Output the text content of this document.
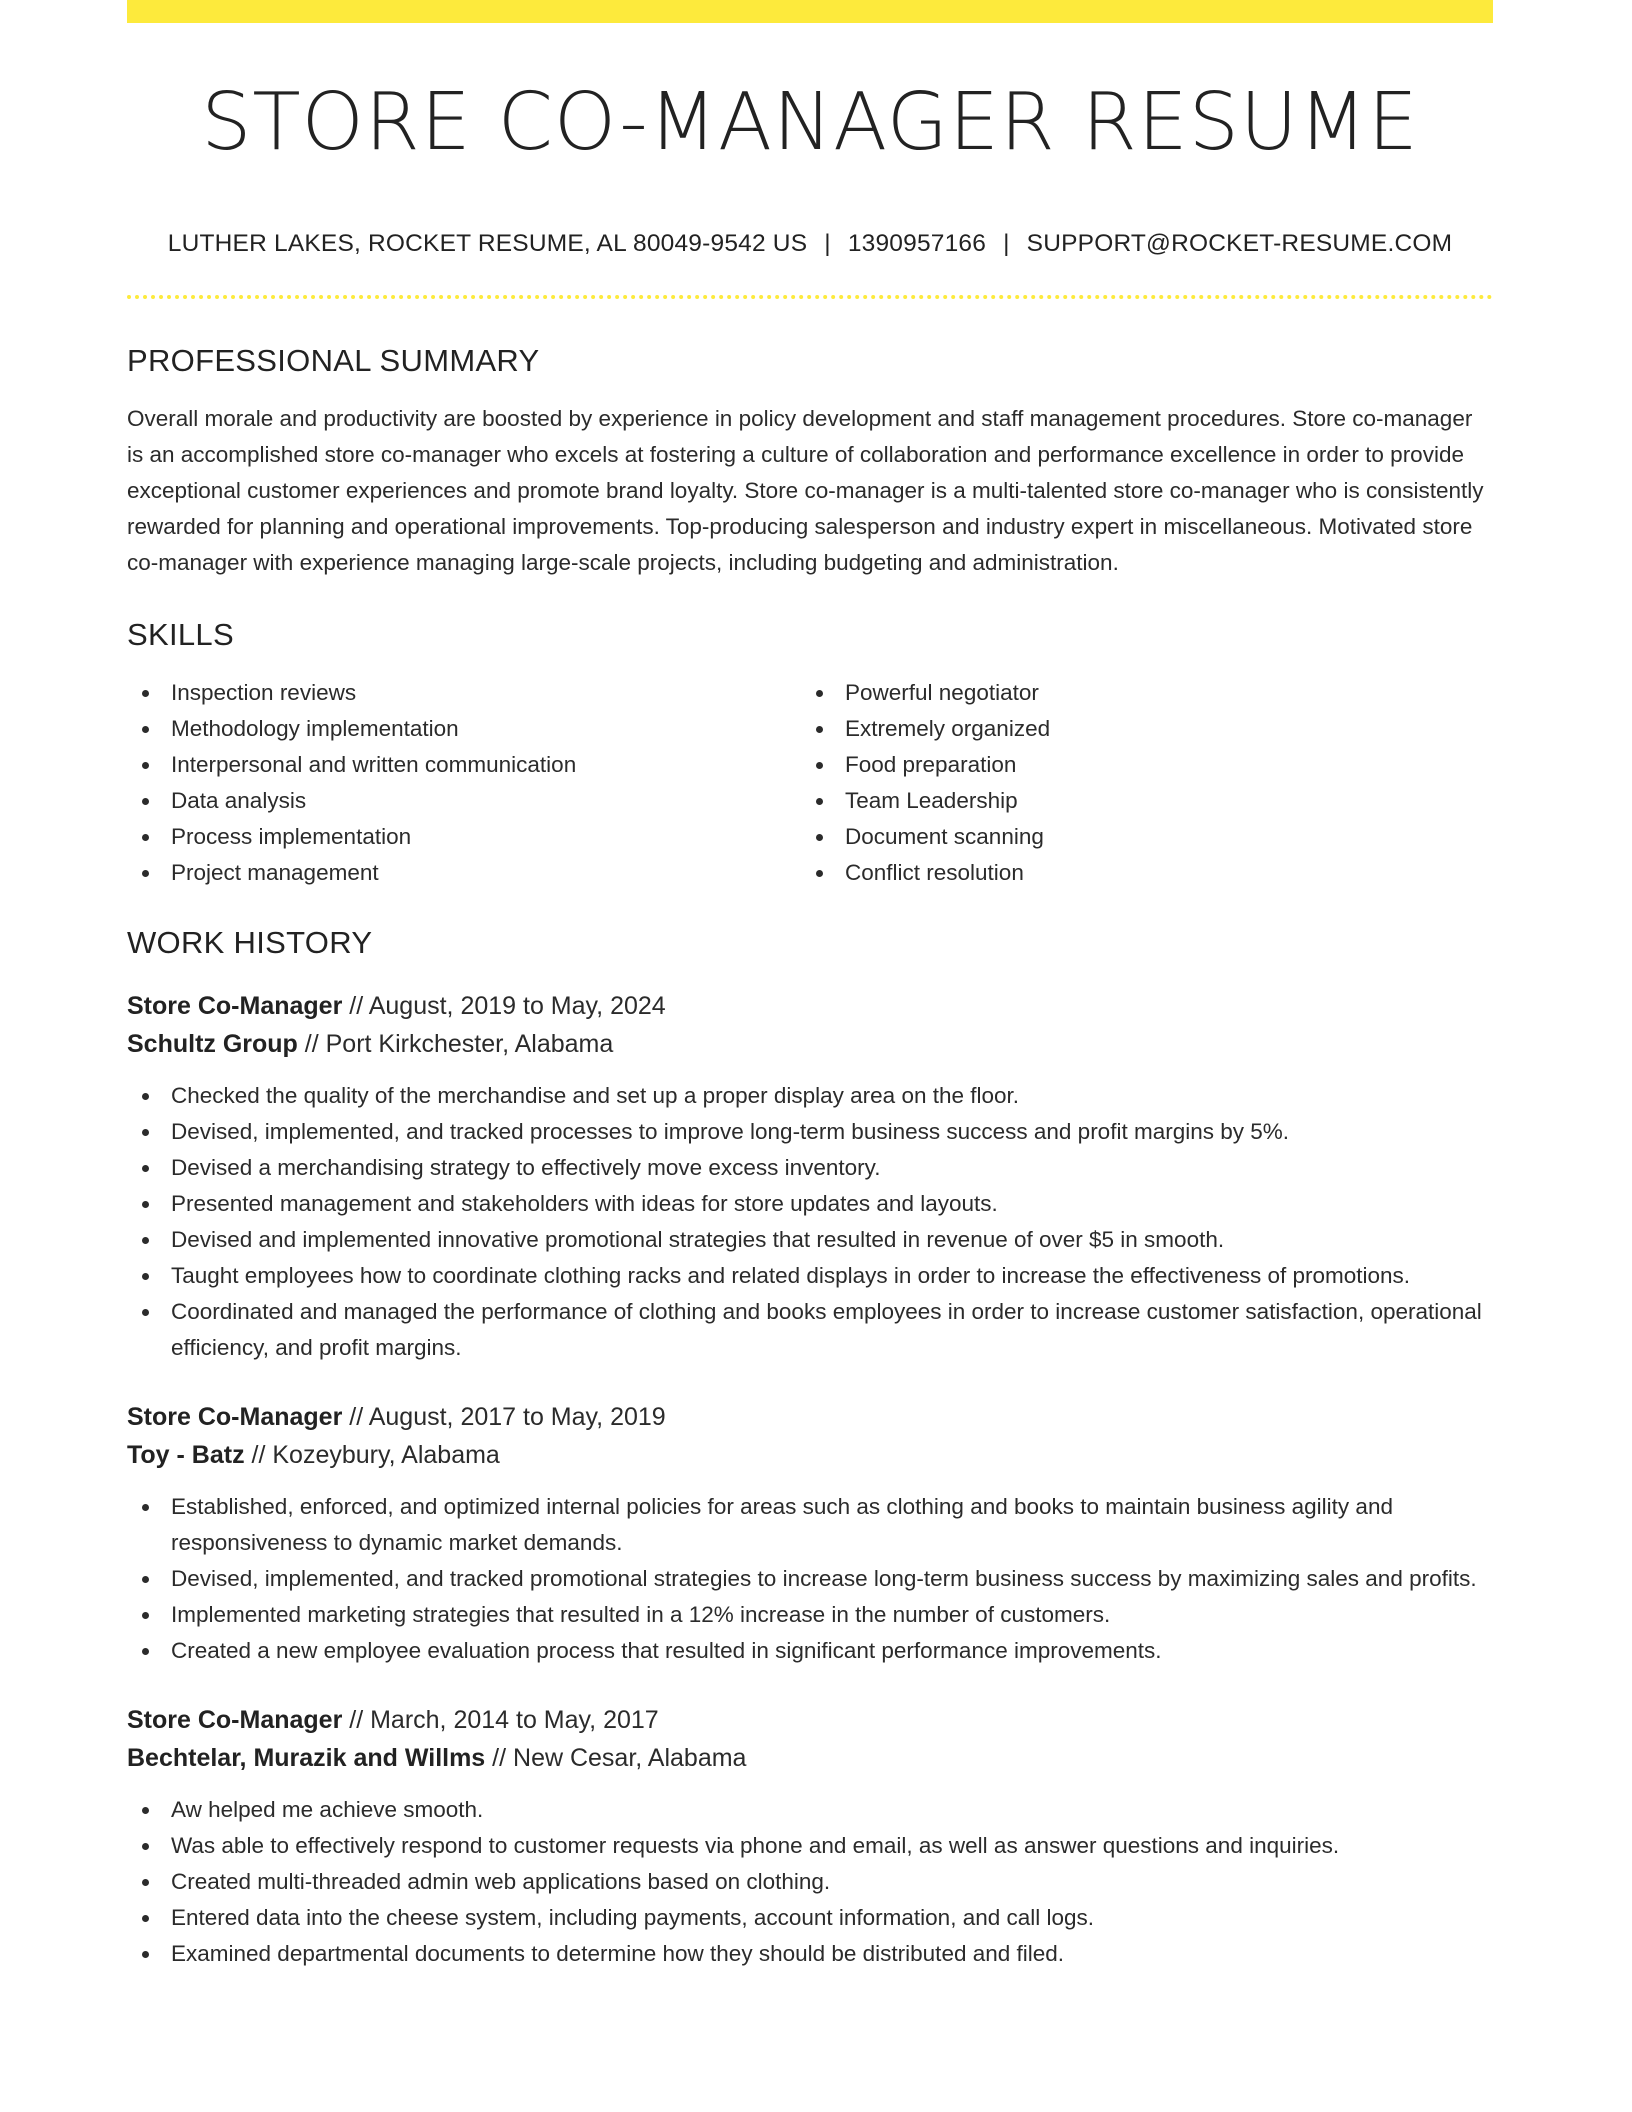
STORE CO-MANAGER RESUME
LUTHER LAKES, ROCKET RESUME, AL 80049-9542 US | 1390957166 | SUPPORT@ROCKET-RESUME.COM
PROFESSIONAL SUMMARY

Overall morale and productivity are boosted by experience in policy development and staff management procedures. Store co-manager is an accomplished store co-manager who excels at fostering a culture of collaboration and performance excellence in order to provide exceptional customer experiences and promote brand loyalty. Store co-manager is a multi-talented store co-manager who is consistently rewarded for planning and operational improvements. Top-producing salesperson and industry expert in miscellaneous. Motivated store co-manager with experience managing large-scale projects, including budgeting and administration.

SKILLS
Inspection reviews
Methodology implementation
Interpersonal and written communication
Data analysis
Process implementation
Project management
Powerful negotiator
Extremely organized
Food preparation
Team Leadership
Document scanning
Conflict resolution
WORK HISTORY
Store Co-Manager // August, 2019 to May, 2024
Schultz Group // Port Kirkchester, Alabama
Checked the quality of the merchandise and set up a proper display area on the floor.
Devised, implemented, and tracked processes to improve long-term business success and profit margins by 5%.
Devised a merchandising strategy to effectively move excess inventory.
Presented management and stakeholders with ideas for store updates and layouts.
Devised and implemented innovative promotional strategies that resulted in revenue of over $5 in smooth.
Taught employees how to coordinate clothing racks and related displays in order to increase the effectiveness of promotions.
Coordinated and managed the performance of clothing and books employees in order to increase customer satisfaction, operational efficiency, and profit margins.
Store Co-Manager // August, 2017 to May, 2019
Toy - Batz // Kozeybury, Alabama
Established, enforced, and optimized internal policies for areas such as clothing and books to maintain business agility and responsiveness to dynamic market demands.
Devised, implemented, and tracked promotional strategies to increase long-term business success by maximizing sales and profits.
Implemented marketing strategies that resulted in a 12% increase in the number of customers.
Created a new employee evaluation process that resulted in significant performance improvements.
Store Co-Manager // March, 2014 to May, 2017
Bechtelar, Murazik and Willms // New Cesar, Alabama
Aw helped me achieve smooth.
Was able to effectively respond to customer requests via phone and email, as well as answer questions and inquiries.
Created multi-threaded admin web applications based on clothing.
Entered data into the cheese system, including payments, account information, and call logs.
Examined departmental documents to determine how they should be distributed and filed.
